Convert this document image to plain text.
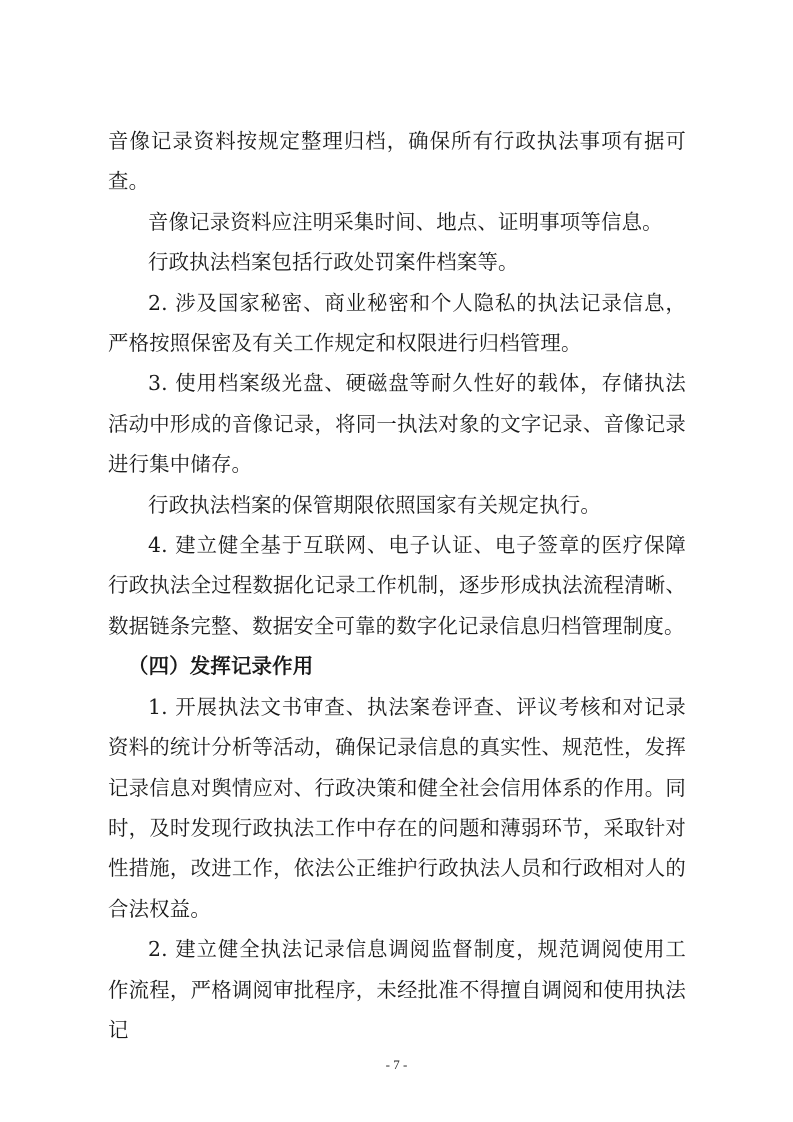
音像记录资料按规定整理归档，确保所有行政执法事项有据可查。

音像记录资料应注明采集时间、地点、证明事项等信息。

行政执法档案包括行政处罚案件档案等。

2. 涉及国家秘密、商业秘密和个人隐私的执法记录信息，严格按照保密及有关工作规定和权限进行归档管理。

3. 使用档案级光盘、硬磁盘等耐久性好的载体，存储执法活动中形成的音像记录，将同一执法对象的文字记录、音像记录进行集中储存。

行政执法档案的保管期限依照国家有关规定执行。

4. 建立健全基于互联网、电子认证、电子签章的医疗保障行政执法全过程数据化记录工作机制，逐步形成执法流程清晰、数据链条完整、数据安全可靠的数字化记录信息归档管理制度。

（四）发挥记录作用

1. 开展执法文书审查、执法案卷评查、评议考核和对记录资料的统计分析等活动，确保记录信息的真实性、规范性，发挥记录信息对舆情应对、行政决策和健全社会信用体系的作用。同时，及时发现行政执法工作中存在的问题和薄弱环节，采取针对性措施，改进工作，依法公正维护行政执法人员和行政相对人的合法权益。

2. 建立健全执法记录信息调阅监督制度，规范调阅使用工作流程，严格调阅审批程序，未经批准不得擅自调阅和使用执法记

- 7 -
